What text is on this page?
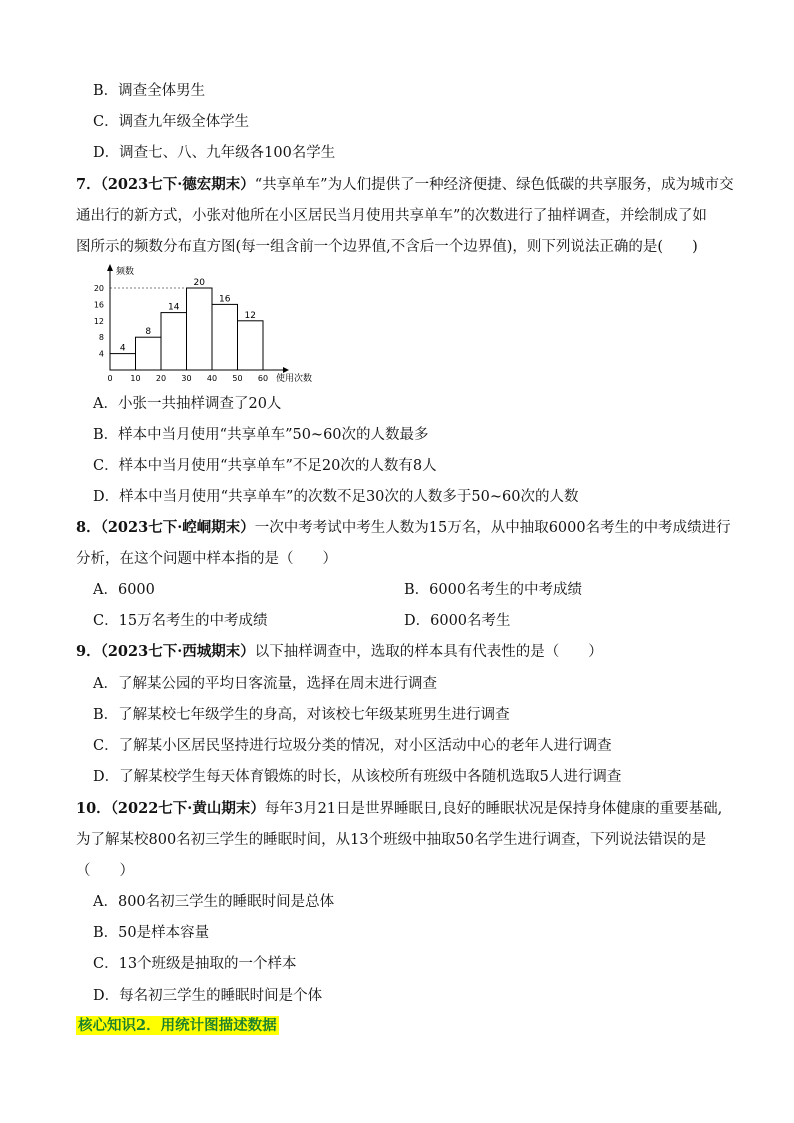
B．调查全体男生
C．调查九年级全体学生
D．调查七、八、九年级各100名学生
7．（2023七下·德宏期末）“共享单车”为人们提供了一种经济便捷、绿色低碳的共享服务，成为城市交
通出行的新方式，小张对他所在小区居民当月使用共享单车”的次数进行了抽样调查，并绘制成了如
图所示的频数分布直方图(每一组含前一个边界值,不含后一个边界值)，则下列说法正确的是(　　)
频数
使用次数
4
8
12
16
20
0 10 20 30 40 50 60
4
8
14
20
16
12
A．小张一共抽样调查了20人
B．样本中当月使用“共享单车”50~60次的人数最多
C．样本中当月使用“共享单车”不足20次的人数有8人
D．样本中当月使用“共享单车”的次数不足30次的人数多于50~60次的人数
8．（2023七下·崆峒期末）一次中考考试中考生人数为15万名，从中抽取6000名考生的中考成绩进行
分析，在这个问题中样本指的是（　　）
A．6000	B．6000名考生的中考成绩
C．15万名考生的中考成绩	D．6000名考生
9．（2023七下·西城期末）以下抽样调查中，选取的样本具有代表性的是（　　）
A．了解某公园的平均日客流量，选择在周末进行调查
B．了解某校七年级学生的身高，对该校七年级某班男生进行调查
C．了解某小区居民坚持进行垃圾分类的情况，对小区活动中心的老年人进行调查
D．了解某校学生每天体育锻炼的时长，从该校所有班级中各随机选取5人进行调查
10．（2022七下·黄山期末）每年3月21日是世界睡眠日,良好的睡眠状况是保持身体健康的重要基础,
为了解某校800名初三学生的睡眠时间，从13个班级中抽取50名学生进行调查，下列说法错误的是
（　　）
A．800名初三学生的睡眠时间是总体
B．50是样本容量
C．13个班级是抽取的一个样本
D．每名初三学生的睡眠时间是个体
核心知识2．用统计图描述数据
